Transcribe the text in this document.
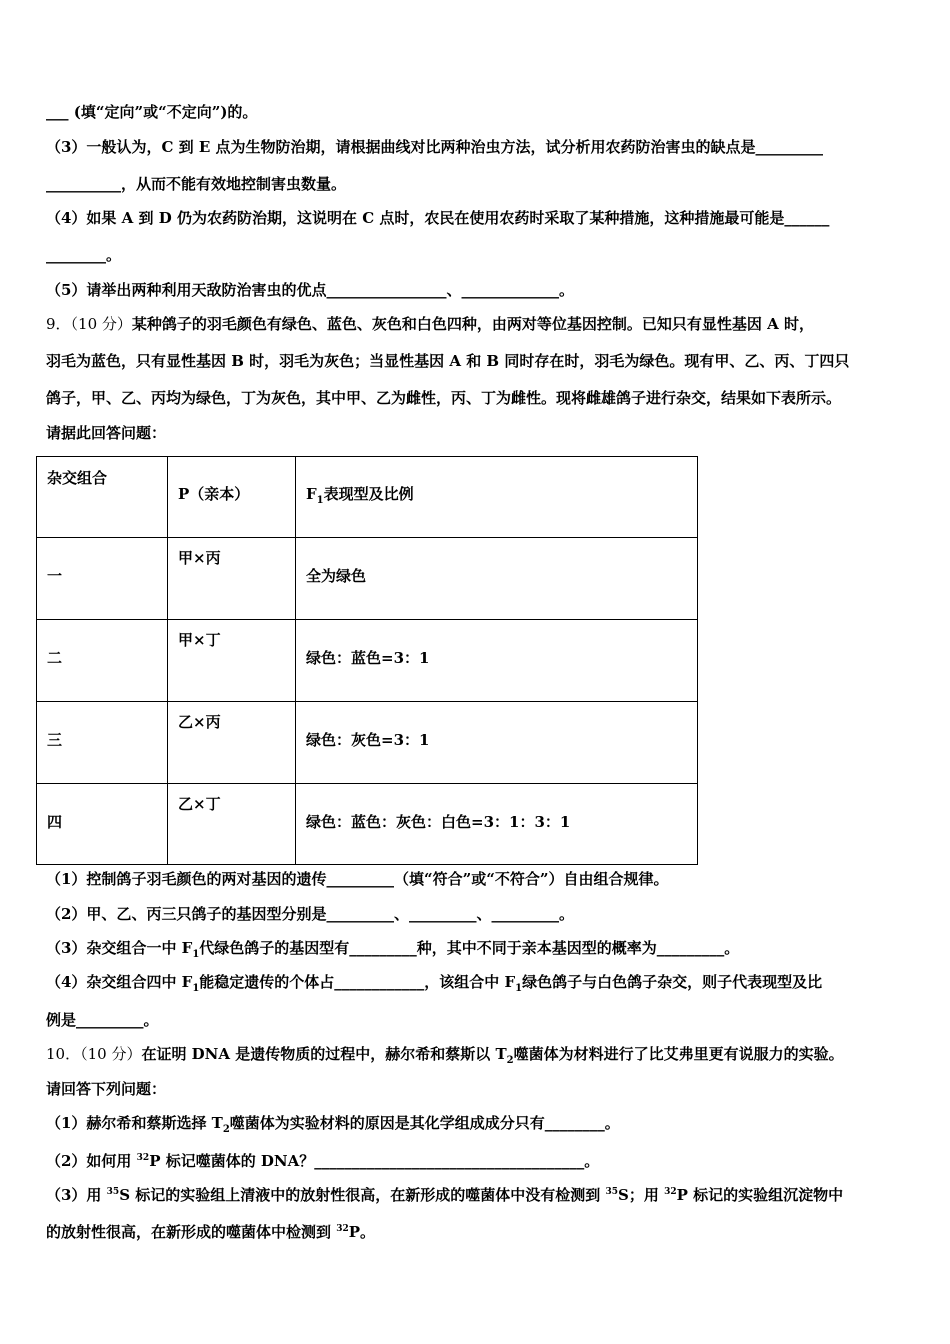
___ (填“定向”或“不定向”)的。
（3）一般认为，C 到 E 点为生物防治期，请根据曲线对比两种治虫方法，试分析用农药防治害虫的缺点是_________
__________，从而不能有效地控制害虫数量。
（4）如果 A 到 D 仍为农药防治期，这说明在 C 点时，农民在使用农药时采取了某种措施，这种措施最可能是______
________。
（5）请举出两种利用天敌防治害虫的优点________________、_____________。
9．（10 分）某种鸽子的羽毛颜色有绿色、蓝色、灰色和白色四种，由两对等位基因控制。已知只有显性基因 A 时，
羽毛为蓝色，只有显性基因 B 时，羽毛为灰色；当显性基因 A 和 B 同时存在时，羽毛为绿色。现有甲、乙、丙、丁四只
鸽子，甲、乙、丙均为绿色，丁为灰色，其中甲、乙为雌性，丙、丁为雌性。现将雌雄鸽子进行杂交，结果如下表所示。
请据此回答问题：
杂交组合	P（亲本）	$F_1$表现型及比例

一	甲×丙	全为绿色

二	甲×丁	绿色：蓝色=3：1

三	乙×丙	绿色：灰色=3：1

四	乙×丁	绿色：蓝色：灰色：白色=3：1：3：1
（1）控制鸽子羽毛颜色的两对基因的遗传_________（填“符合”或“不符合”）自由组合规律。
（2）甲、乙、丙三只鸽子的基因型分别是_________、_________、_________。
（3）杂交组合一中 $F_1$代绿色鸽子的基因型有_________种，其中不同于亲本基因型的概率为_________。
（4）杂交组合四中 $F_1$能稳定遗传的个体占____________，该组合中 $F_1$绿色鸽子与白色鸽子杂交，则子代表现型及比
例是_________。
10．（10 分）在证明 DNA 是遗传物质的过程中，赫尔希和蔡斯以 $T_2$噬菌体为材料进行了比艾弗里更有说服力的实验。
请回答下列问题：
（1）赫尔希和蔡斯选择 $T_2$噬菌体为实验材料的原因是其化学组成成分只有________。
（2）如何用 $^{32}$P 标记噬菌体的 DNA？____________________________________。
（3）用 $^{35}$S 标记的实验组上清液中的放射性很高，在新形成的噬菌体中没有检测到 $^{35}$S；用 $^{32}$P 标记的实验组沉淀物中
的放射性很高，在新形成的噬菌体中检测到 $^{32}$P。
